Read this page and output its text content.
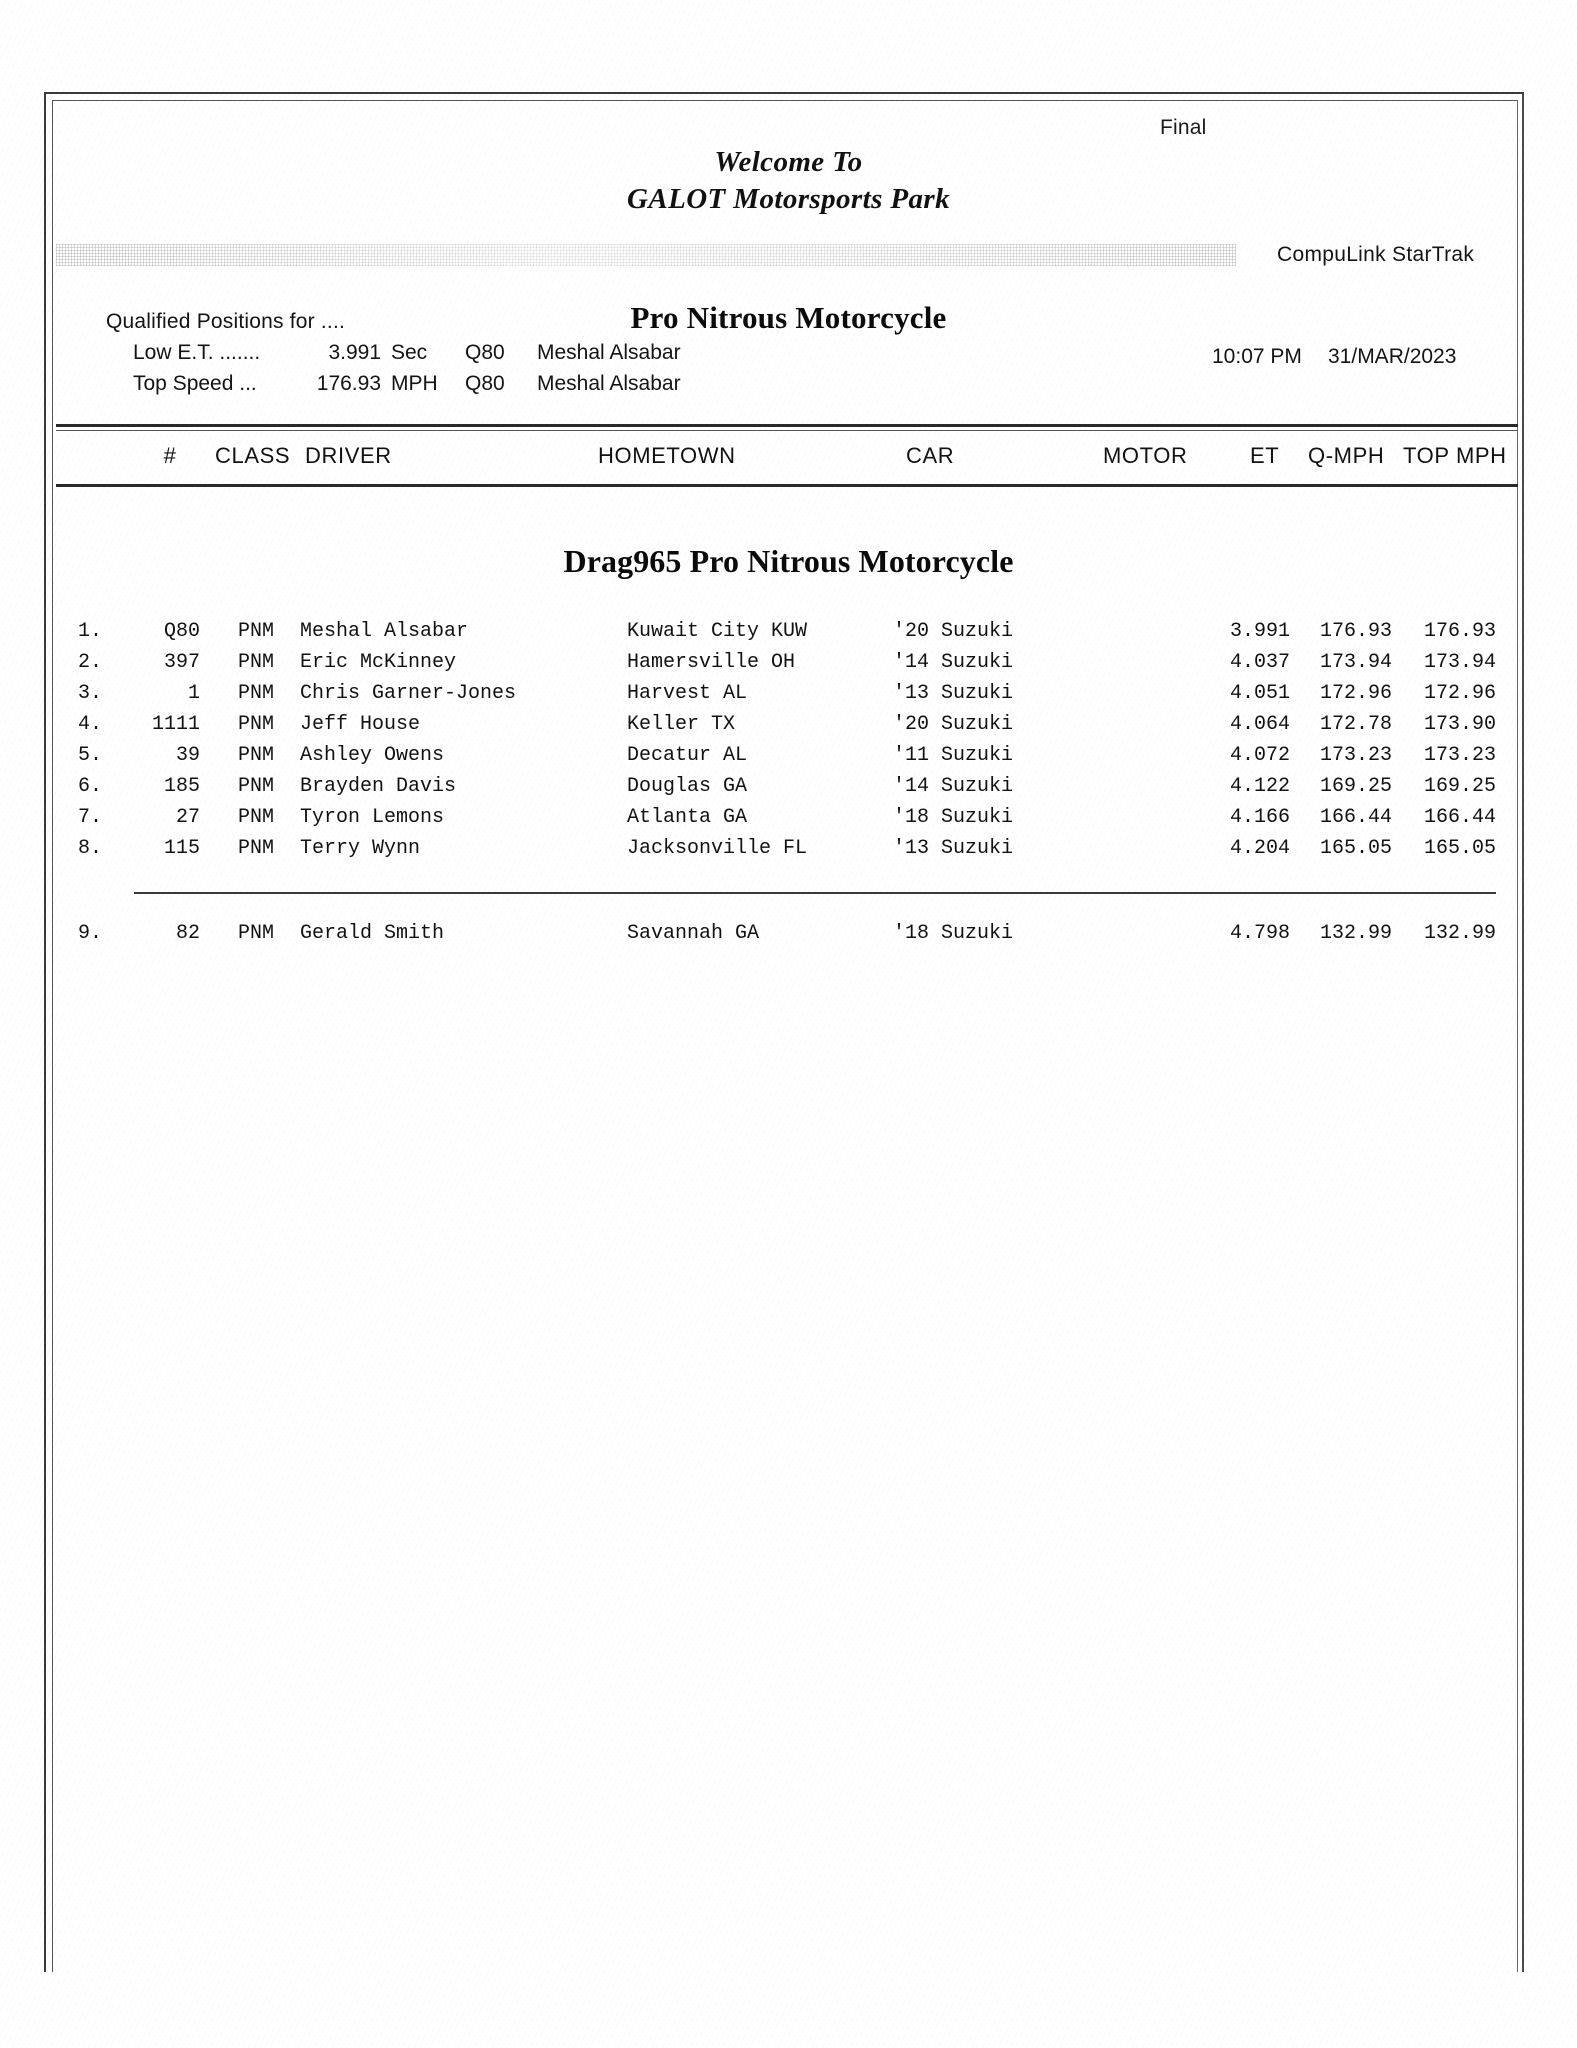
Final
Welcome To
GALOT Motorsports Park
CompuLink StarTrak
Qualified Positions for ....
Low E.T. .......	3.991 Sec Q80 Meshal Alsabar
Top Speed ...	176.93 MPH Q80 Meshal Alsabar
Pro Nitrous Motorcycle
10:07 PM 31/MAR/2023
#	CLASS DRIVER	HOMETOWN	CAR	MOTOR	ET Q-MPH TOP MPH
Drag965 Pro Nitrous Motorcycle
1.	Q80 PNM	Meshal Alsabar	Kuwait City KUW	'20 Suzuki	3.991	176.93	176.93
2.	397 PNM	Eric McKinney	Hamersville OH	'14 Suzuki	4.037	173.94	173.94
3.	1 PNM	Chris Garner-Jones	Harvest AL	'13 Suzuki	4.051	172.96	172.96
4.	1111 PNM	Jeff House	Keller TX	'20 Suzuki	4.064	172.78	173.90
5.	39 PNM	Ashley Owens	Decatur AL	'11 Suzuki	4.072	173.23	173.23
6.	185 PNM	Brayden Davis	Douglas GA	'14 Suzuki	4.122	169.25	169.25
7.	27 PNM	Tyron Lemons	Atlanta GA	'18 Suzuki	4.166	166.44	166.44
8.	115 PNM	Terry Wynn	Jacksonville FL	'13 Suzuki	4.204	165.05	165.05
9.	82 PNM	Gerald Smith	Savannah GA	'18 Suzuki	4.798	132.99	132.99
